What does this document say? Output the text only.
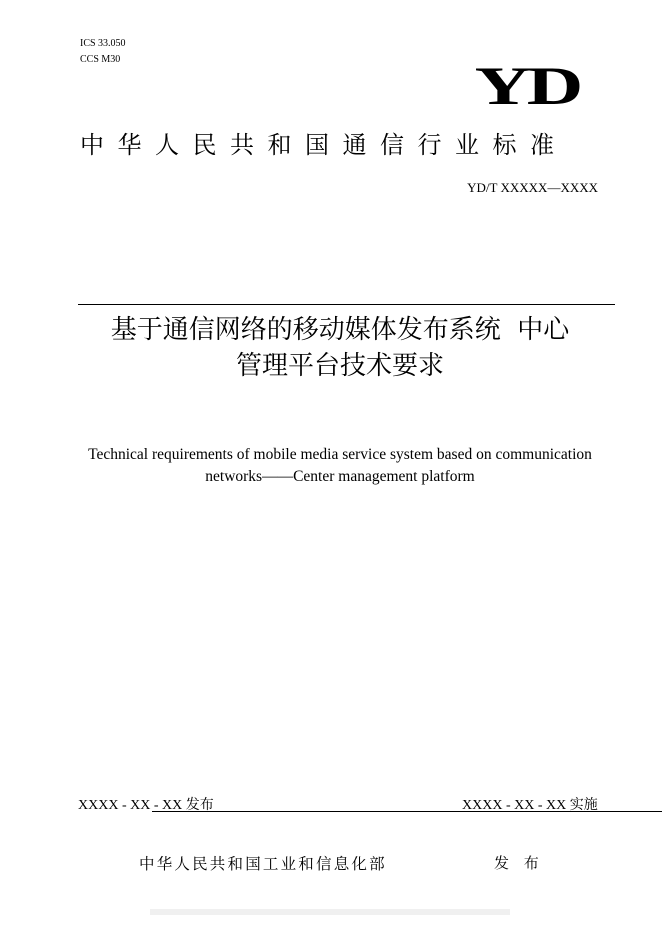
ICS 33.050
CCS M30	YD
中华人民共和国通信行业标准
YD/T XXXXX—XXXX
基于通信网络的移动媒体发布系统  中心
管理平台技术要求
Technical requirements of mobile media service system based on communication
networks——Center management platform
XXXX - XX - XX 发布	XXXX - XX - XX 实施
中华人民共和国工业和信息化部	发 布
